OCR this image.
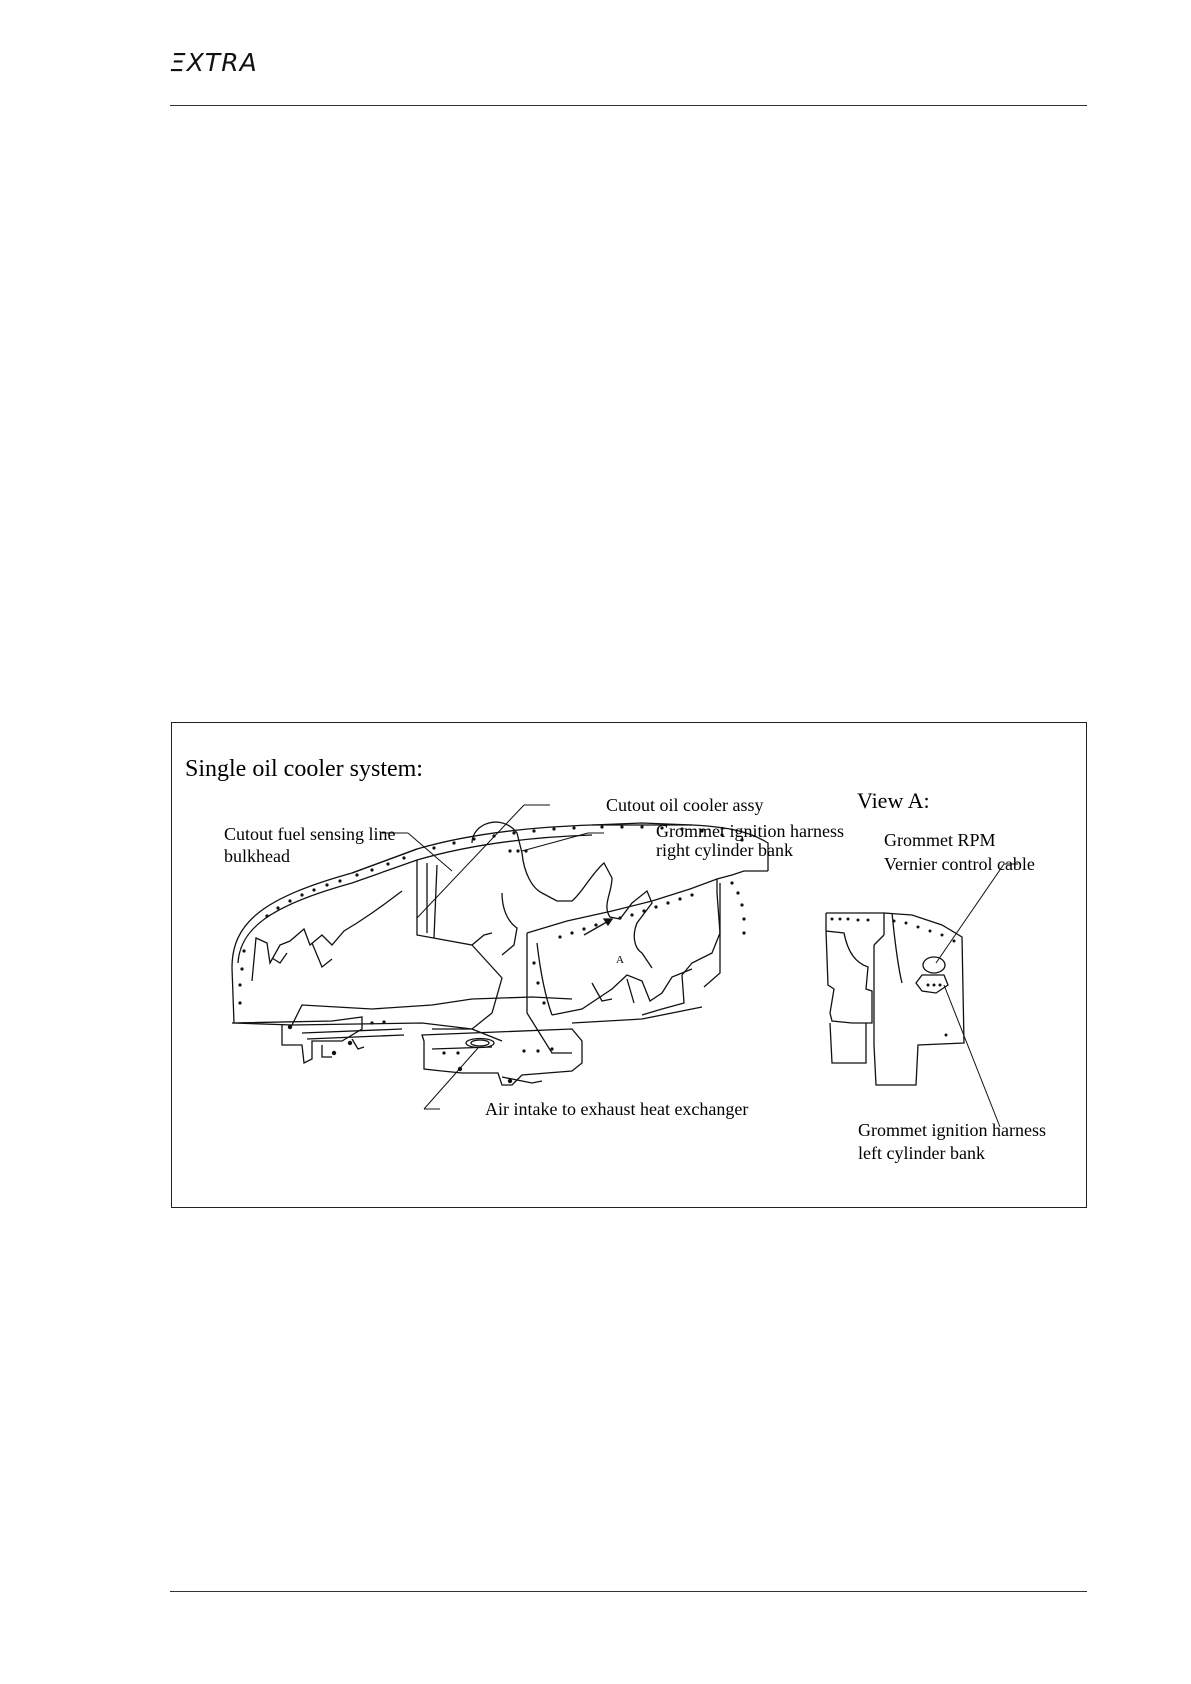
ΞXTRA
Single oil cooler system:
View A:
Cutout fuel sensing line
bulkhead
Cutout oil cooler assy
Grommet ignition harness
right cylinder bank
Air intake to exhaust heat exchanger
Grommet RPM
Vernier control cable
Grommet ignition harness
left cylinder bank
A
